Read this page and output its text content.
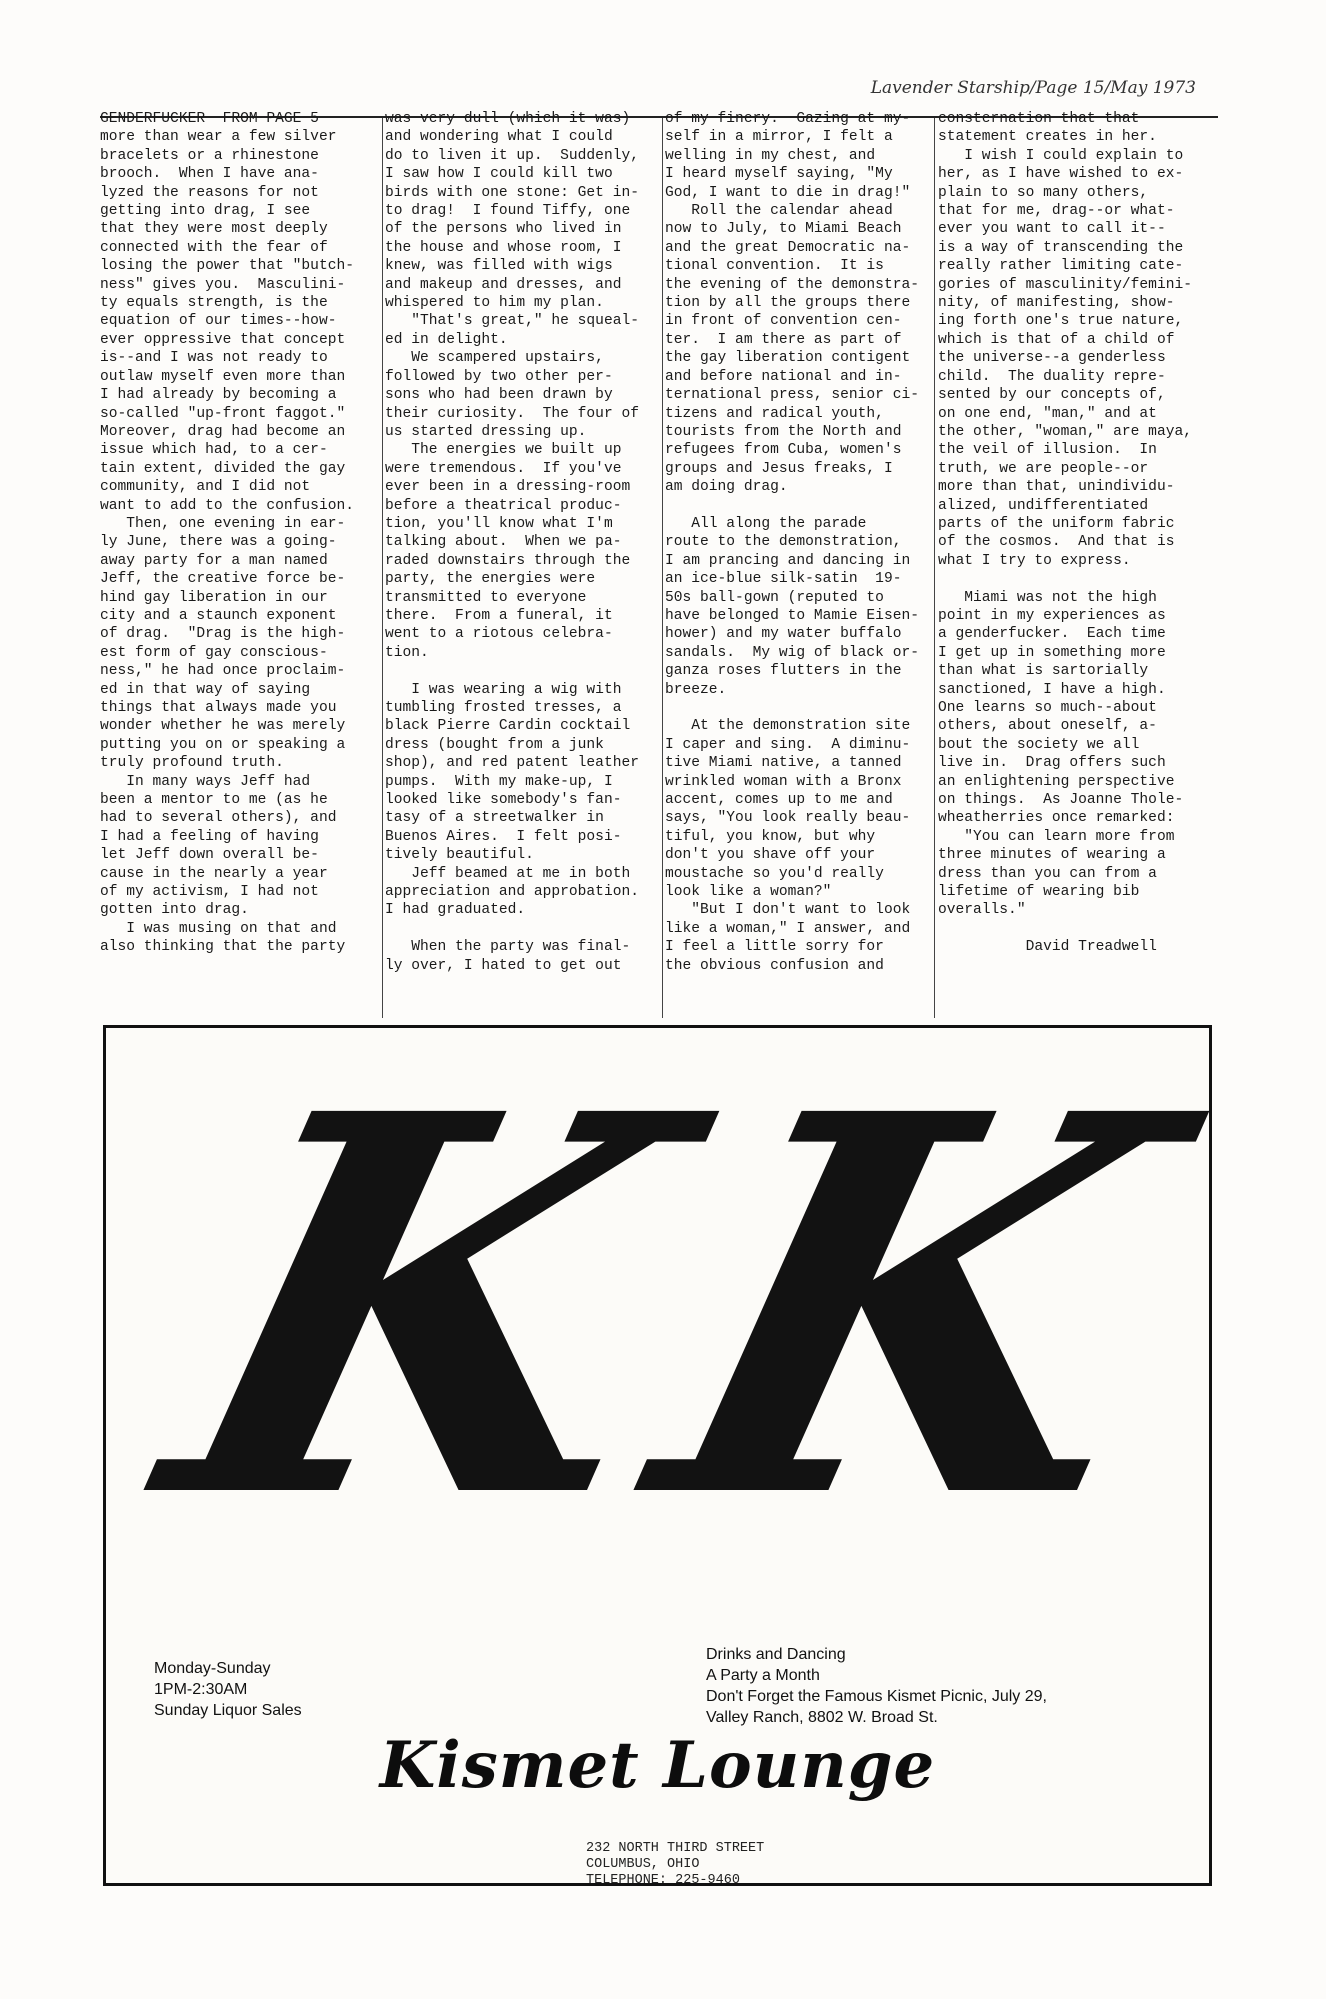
Lavender Starship/Page 15/May 1973

GENDERFUCKER  FROM PAGE 5

more than wear a few silver

bracelets or a rhinestone

brooch.  When I have ana-

lyzed the reasons for not

getting into drag, I see

that they were most deeply

connected with the fear of

losing the power that "butch-

ness" gives you.  Masculini-

ty equals strength, is the

equation of our times--how-

ever oppressive that concept

is--and I was not ready to

outlaw myself even more than

I had already by becoming a

so-called "up-front faggot."

Moreover, drag had become an

issue which had, to a cer-

tain extent, divided the gay

community, and I did not

want to add to the confusion.

Then, one evening in ear-

ly June, there was a going-

away party for a man named

Jeff, the creative force be-

hind gay liberation in our

city and a staunch exponent

of drag.  "Drag is the high-

est form of gay conscious-

ness," he had once proclaim-

ed in that way of saying

things that always made you

wonder whether he was merely

putting you on or speaking a

truly profound truth.

In many ways Jeff had

been a mentor to me (as he

had to several others), and

I had a feeling of having

let Jeff down overall be-

cause in the nearly a year

of my activism, I had not

gotten into drag.

I was musing on that and

also thinking that the party

was very dull (which it was)

and wondering what I could

do to liven it up.  Suddenly,

I saw how I could kill two

birds with one stone: Get in-

to drag!  I found Tiffy, one

of the persons who lived in

the house and whose room, I

knew, was filled with wigs

and makeup and dresses, and

whispered to him my plan.

"That's great," he squeal-

ed in delight.

We scampered upstairs,

followed by two other per-

sons who had been drawn by

their curiosity.  The four of

us started dressing up.

The energies we built up

were tremendous.  If you've

ever been in a dressing-room

before a theatrical produc-

tion, you'll know what I'm

talking about.  When we pa-

raded downstairs through the

party, the energies were

transmitted to everyone

there.  From a funeral, it

went to a riotous celebra-

tion.

I was wearing a wig with

tumbling frosted tresses, a

black Pierre Cardin cocktail

dress (bought from a junk

shop), and red patent leather

pumps.  With my make-up, I

looked like somebody's fan-

tasy of a streetwalker in

Buenos Aires.  I felt posi-

tively beautiful.

Jeff beamed at me in both

appreciation and approbation.

I had graduated.

When the party was final-

ly over, I hated to get out

of my finery.  Gazing at my-

self in a mirror, I felt a

welling in my chest, and

I heard myself saying, "My

God, I want to die in drag!"

Roll the calendar ahead

now to July, to Miami Beach

and the great Democratic na-

tional convention.  It is

the evening of the demonstra-

tion by all the groups there

in front of convention cen-

ter.  I am there as part of

the gay liberation contigent

and before national and in-

ternational press, senior ci-

tizens and radical youth,

tourists from the North and

refugees from Cuba, women's

groups and Jesus freaks, I

am doing drag.

All along the parade

route to the demonstration,

I am prancing and dancing in

an ice-blue silk-satin  19-

50s ball-gown (reputed to

have belonged to Mamie Eisen-

hower) and my water buffalo

sandals.  My wig of black or-

ganza roses flutters in the

breeze.

At the demonstration site

I caper and sing.  A diminu-

tive Miami native, a tanned

wrinkled woman with a Bronx

accent, comes up to me and

says, "You look really beau-

tiful, you know, but why

don't you shave off your

moustache so you'd really

look like a woman?"

"But I don't want to look

like a woman," I answer, and

I feel a little sorry for

the obvious confusion and

consternation that that

statement creates in her.

I wish I could explain to

her, as I have wished to ex-

plain to so many others,

that for me, drag--or what-

ever you want to call it--

is a way of transcending the

really rather limiting cate-

gories of masculinity/femini-

nity, of manifesting, show-

ing forth one's true nature,

which is that of a child of

the universe--a genderless

child.  The duality repre-

sented by our concepts of,

on one end, "man," and at

the other, "woman," are maya,

the veil of illusion.  In

truth, we are people--or

more than that, unindividu-

alized, undifferentiated

parts of the uniform fabric

of the cosmos.  And that is

what I try to express.

Miami was not the high

point in my experiences as

a genderfucker.  Each time

I get up in something more

than what is sartorially

sanctioned, I have a high.

One learns so much--about

others, about oneself, a-

bout the society we all

live in.  Drag offers such

an enlightening perspective

on things.  As Joanne Thole-

wheatherries once remarked:

"You can learn more from

three minutes of wearing a

dress than you can from a

lifetime of wearing bib

overalls."

David Treadwell

K
K
Monday-Sunday
1PM-2:30AM
Sunday Liquor Sales
Drinks and Dancing
A Party a Month
Don't Forget the Famous Kismet Picnic, July 29,
Valley Ranch, 8802 W. Broad St.
Kismet Lounge
232 NORTH THIRD STREET
COLUMBUS, OHIO
TELEPHONE: 225-9460
